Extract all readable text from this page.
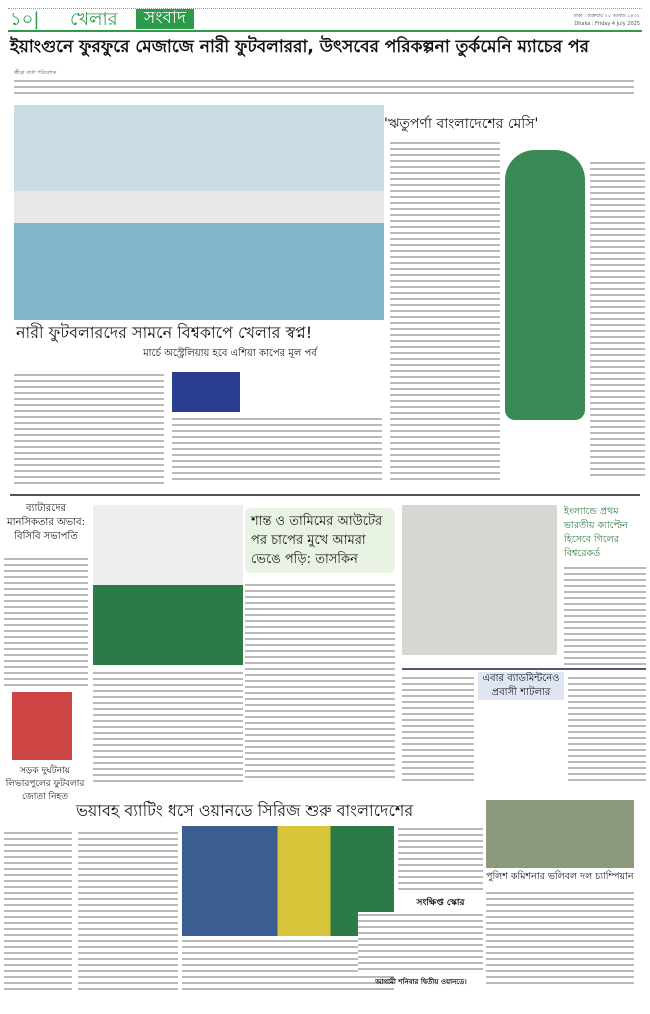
১০| খেলার	সংবাদ	ঢাকা : শুক্রবার ২০ আষাঢ় ১৪৩২
Dhaka : Friday 4 July 2025
ইয়াংগুনে ফুরফুরে মেজাজে নারী ফুটবলাররা, উৎসবের পরিকল্পনা তুর্কমেনি ম্যাচের পর
ক্রীড়া বার্তা পরিবেশক
নারী ফুটবলারদের সামনে বিশ্বকাপে খেলার স্বপ্ন!
মার্চে অস্ট্রেলিয়ায় হবে এশিয়া কাপের মূল পর্ব
'ঋতুপর্ণা বাংলাদেশের মেসি'
ব্যাটারদের মানসিকতার অভাব: বিসিবি সভাপতি
শান্ত ও তামিমের আউটের পর চাপের মুখে আমরা ভেঙে পড়ি: তাসকিন
ইংল্যান্ডে প্রথম ভারতীয় ক্যাপ্টেন হিসেবে গিলের বিশ্বরেকর্ড
এবার ব্যাডমিন্টনেও প্রবাসী শাটলার
সড়ক দুর্ঘটনায় লিভারপুলের ফুটবলার জোতা নিহত
ভয়াবহ ব্যাটিং ধসে ওয়ানডে সিরিজ শুরু বাংলাদেশের
সংক্ষিপ্ত স্কোর
আগামী শনিবার দ্বিতীয় ওয়ানডে।
পুলিশ কমিশনার ভলিবল দল চ্যাম্পিয়ান
